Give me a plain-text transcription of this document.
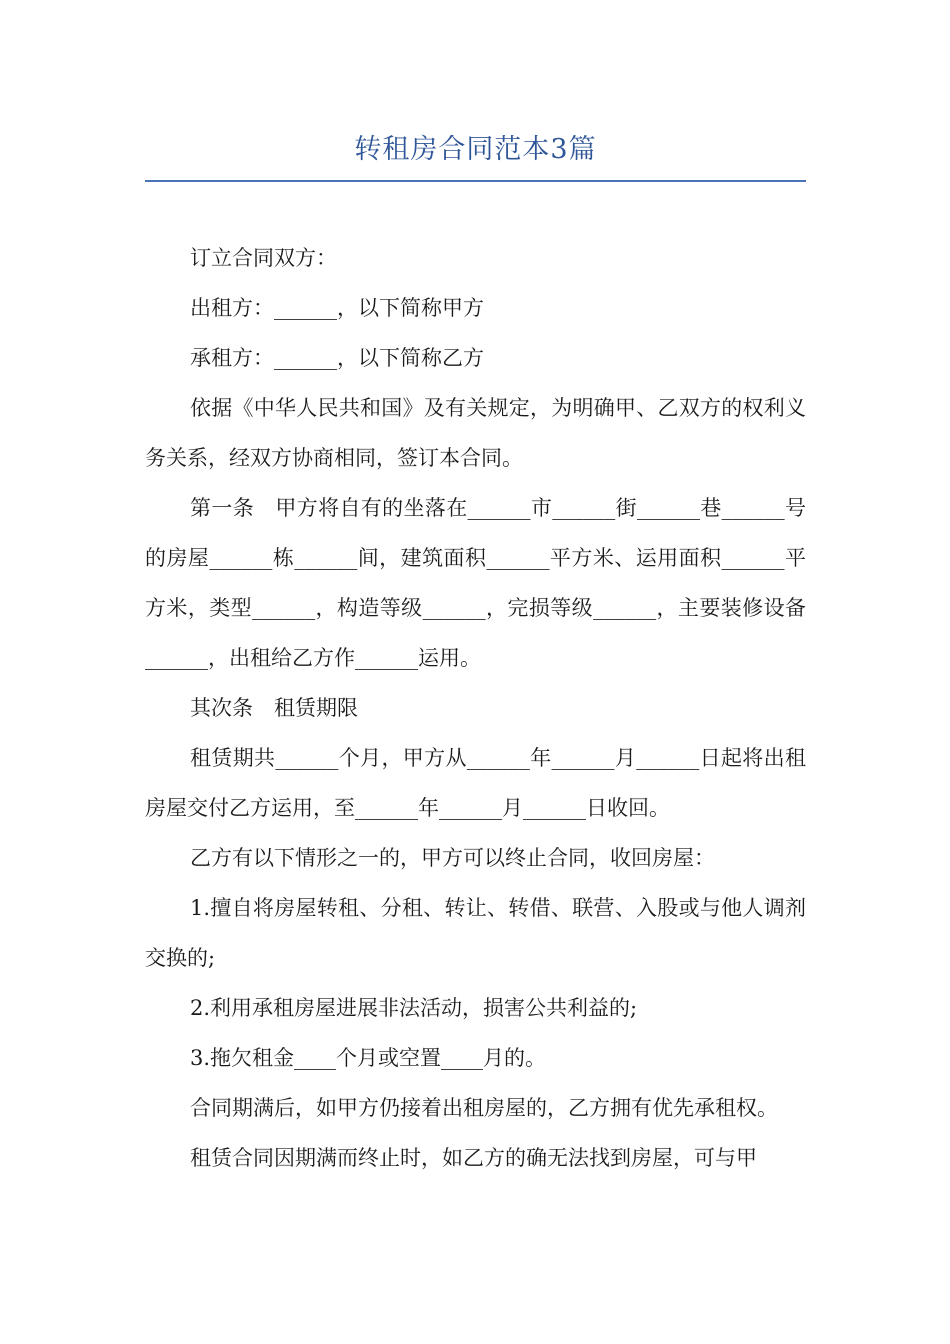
转租房合同范本3篇

订立合同双方：

出租方：______，以下简称甲方

承租方：______，以下简称乙方

依据《中华人民共和国》及有关规定，为明确甲、乙双方的权利义务关系，经双方协商相同，签订本合同。

第一条　甲方将自有的坐落在______市______街______巷______号的房屋______栋______间，建筑面积______平方米、运用面积______平方米，类型______，构造等级______，完损等级______，主要装修设备______，出租给乙方作______运用。

其次条　租赁期限

租赁期共______个月，甲方从______年______月______日起将出租房屋交付乙方运用，至______年______月______日收回。

乙方有以下情形之一的，甲方可以终止合同，收回房屋：

1.擅自将房屋转租、分租、转让、转借、联营、入股或与他人调剂交换的;

2.利用承租房屋进展非法活动，损害公共利益的;

3.拖欠租金____个月或空置____月的。

合同期满后，如甲方仍接着出租房屋的，乙方拥有优先承租权。

租赁合同因期满而终止时，如乙方的确无法找到房屋，可与甲
